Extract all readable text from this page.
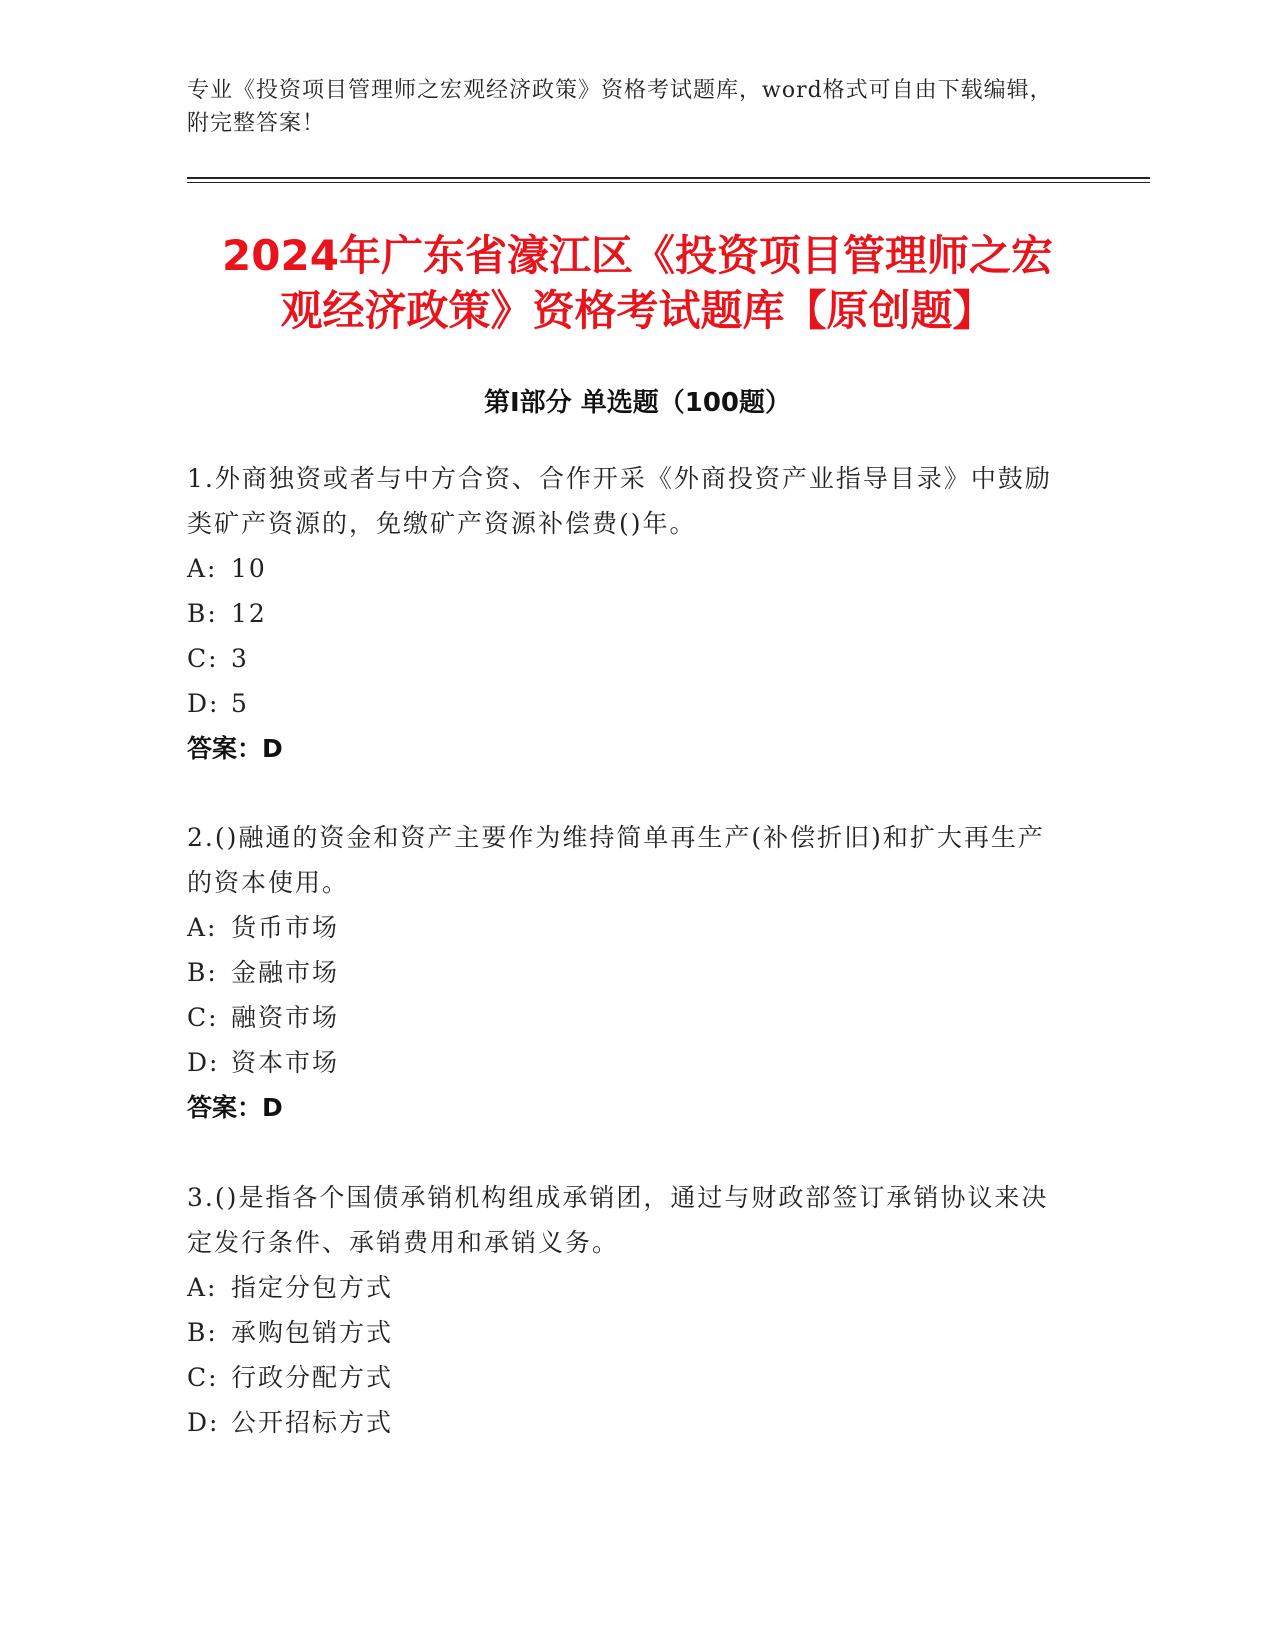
专业《投资项目管理师之宏观经济政策》资格考试题库，word格式可自由下载编辑，附完整答案！
2024年广东省濠江区《投资项目管理师之宏
观经济政策》资格考试题库【原创题】
第Ⅰ部分 单选题（100题）

1.外商独资或者与中方合资、合作开采《外商投资产业指导目录》中鼓励类矿产资源的，免缴矿产资源补偿费()年。

A: 10

B: 12

C: 3

D: 5

答案：D

2.()融通的资金和资产主要作为维持简单再生产(补偿折旧)和扩大再生产的资本使用。

A: 货币市场

B: 金融市场

C: 融资市场

D: 资本市场

答案：D

3.()是指各个国债承销机构组成承销团，通过与财政部签订承销协议来决定发行条件、承销费用和承销义务。

A: 指定分包方式

B: 承购包销方式

C: 行政分配方式

D: 公开招标方式
